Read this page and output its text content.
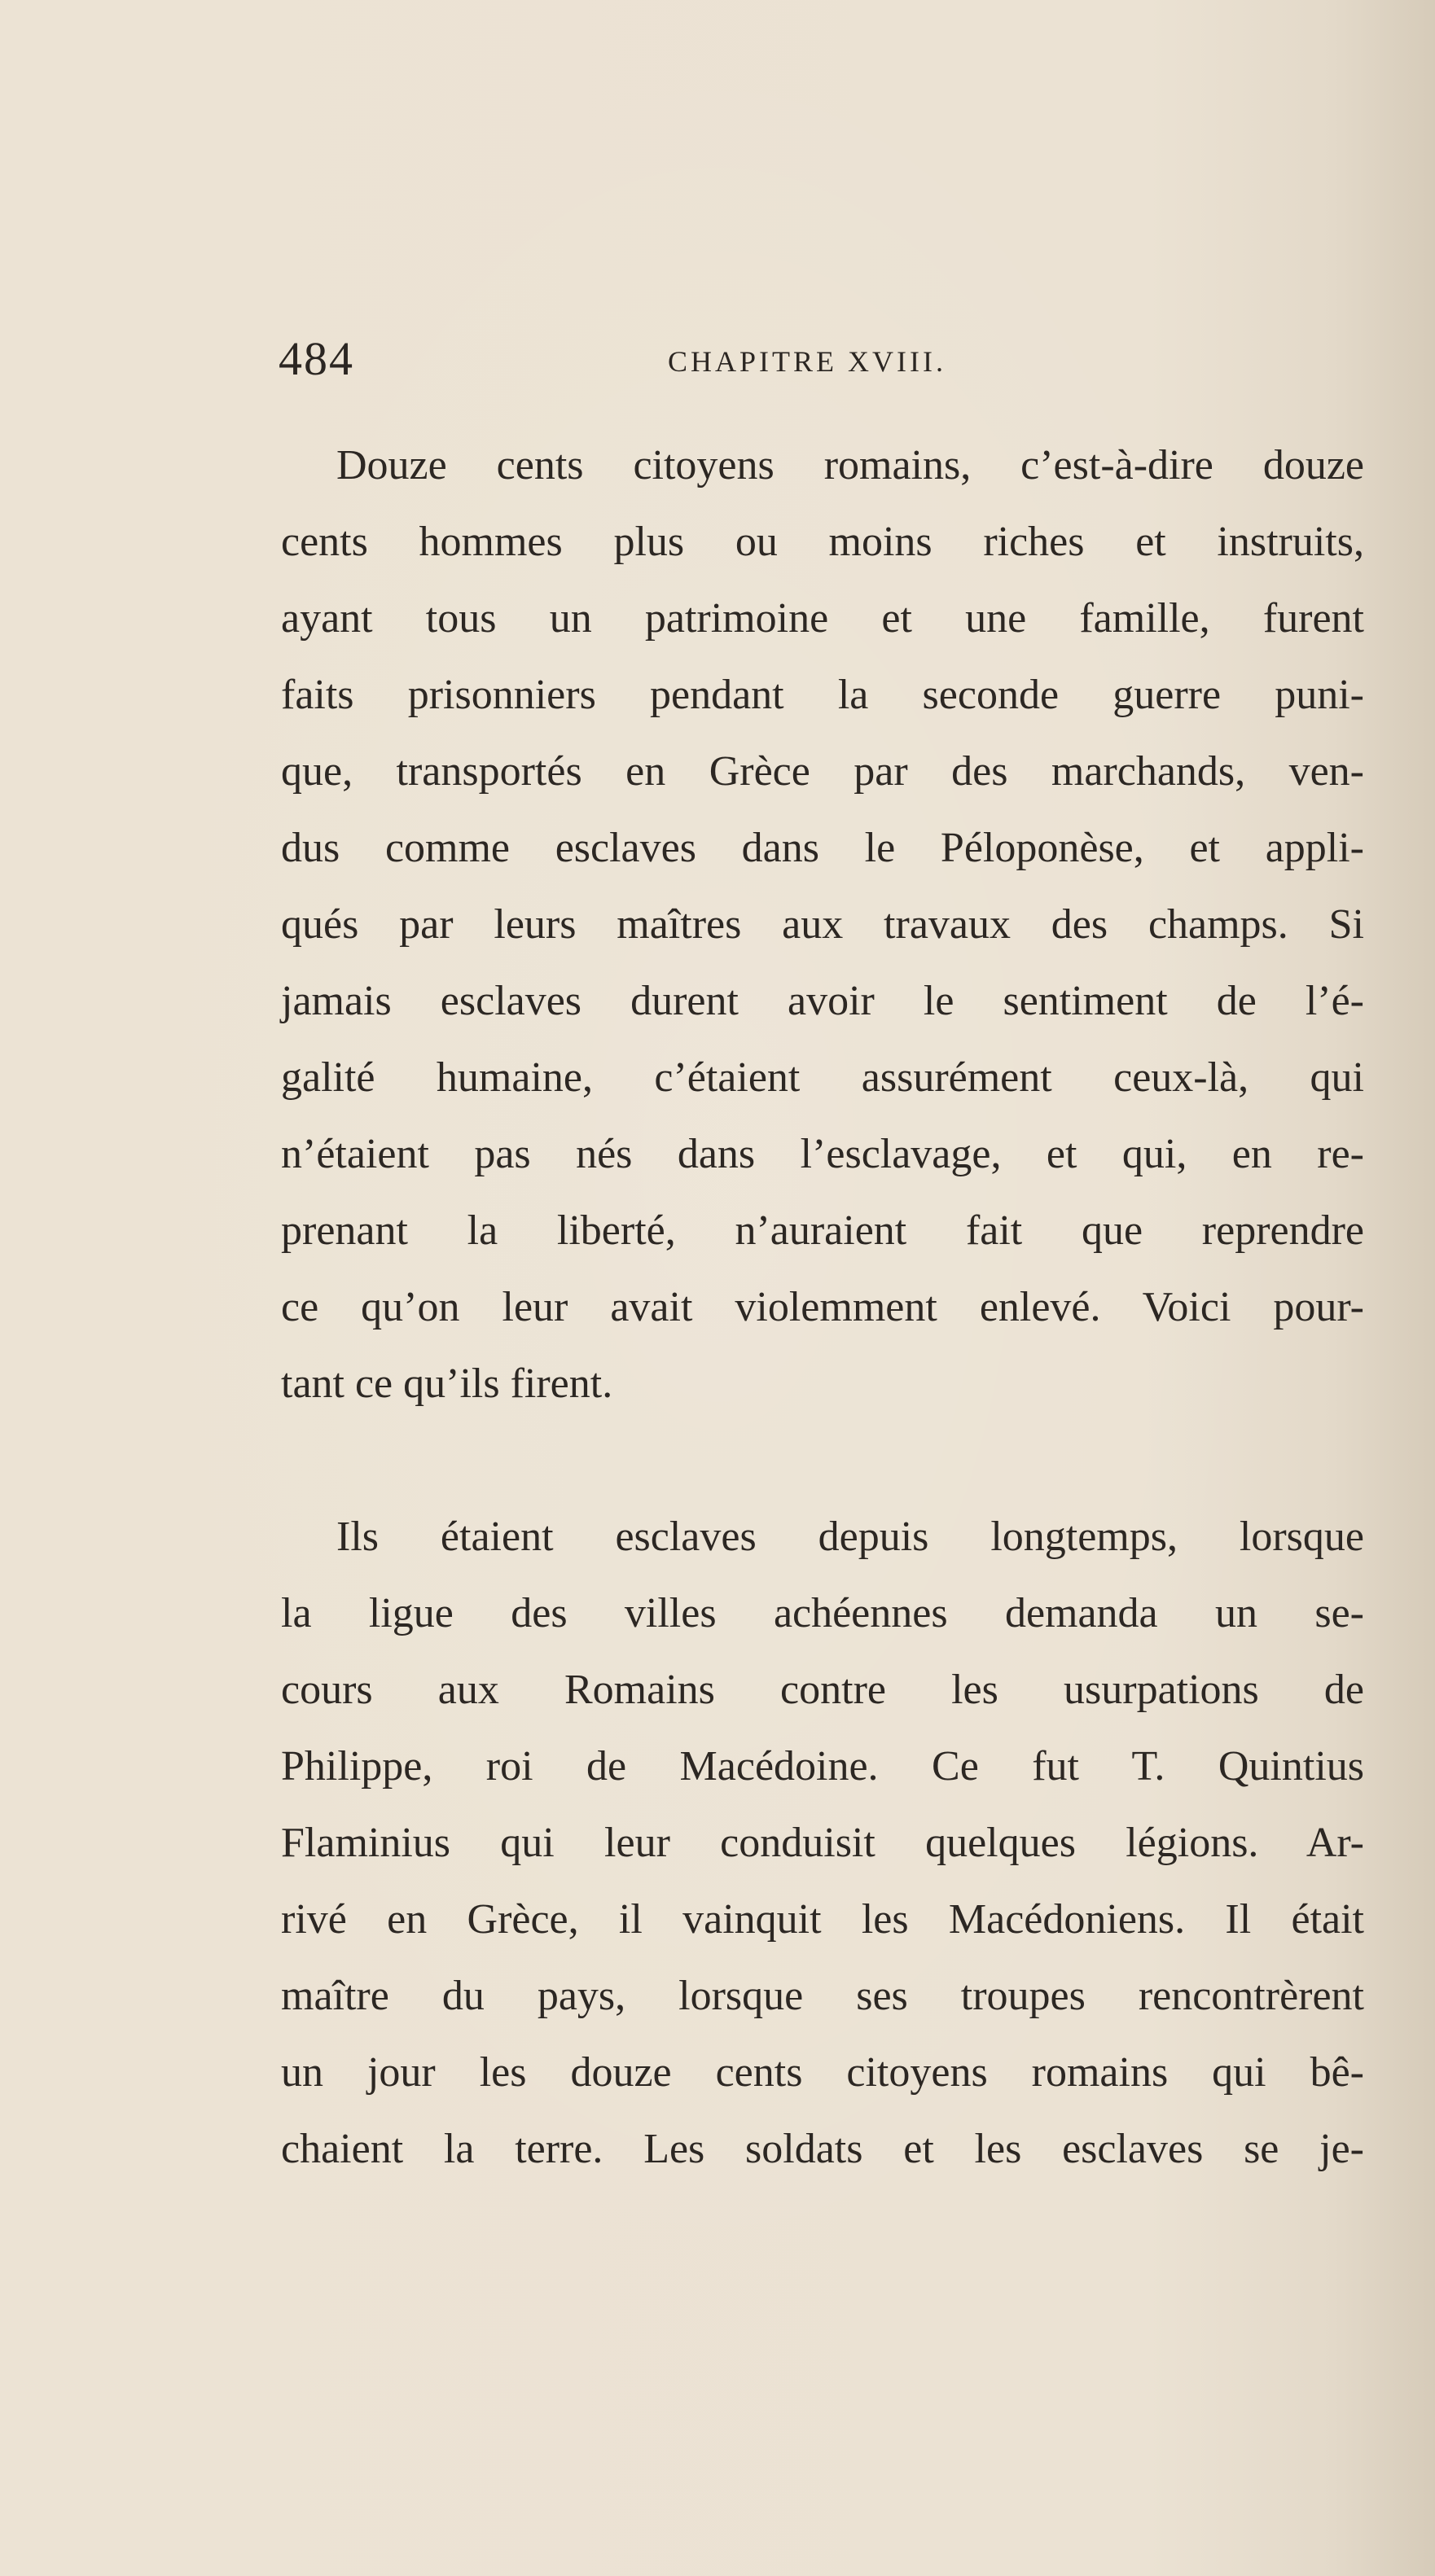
484	CHAPITRE XVIII.

Douze cents citoyens romains, c’est-à-dire douze
cents hommes plus ou moins riches et instruits,
ayant tous un patrimoine et une famille, furent
faits prisonniers pendant la seconde guerre puni-
que, transportés en Grèce par des marchands, ven-
dus comme esclaves dans le Péloponèse, et appli-
qués par leurs maîtres aux travaux des champs. Si
jamais esclaves durent avoir le sentiment de l’é-
galité humaine, c’étaient assurément ceux-là, qui
n’étaient pas nés dans l’esclavage, et qui, en re-
prenant la liberté, n’auraient fait que reprendre
ce qu’on leur avait violemment enlevé. Voici pour-
tant ce qu’ils firent.

Ils étaient esclaves depuis longtemps, lorsque
la ligue des villes achéennes demanda un se-
cours aux Romains contre les usurpations de
Philippe, roi de Macédoine. Ce fut T. Quintius
Flaminius qui leur conduisit quelques légions. Ar-
rivé en Grèce, il vainquit les Macédoniens. Il était
maître du pays, lorsque ses troupes rencontrèrent
un jour les douze cents citoyens romains qui bê-
chaient la terre. Les soldats et les esclaves se je-
